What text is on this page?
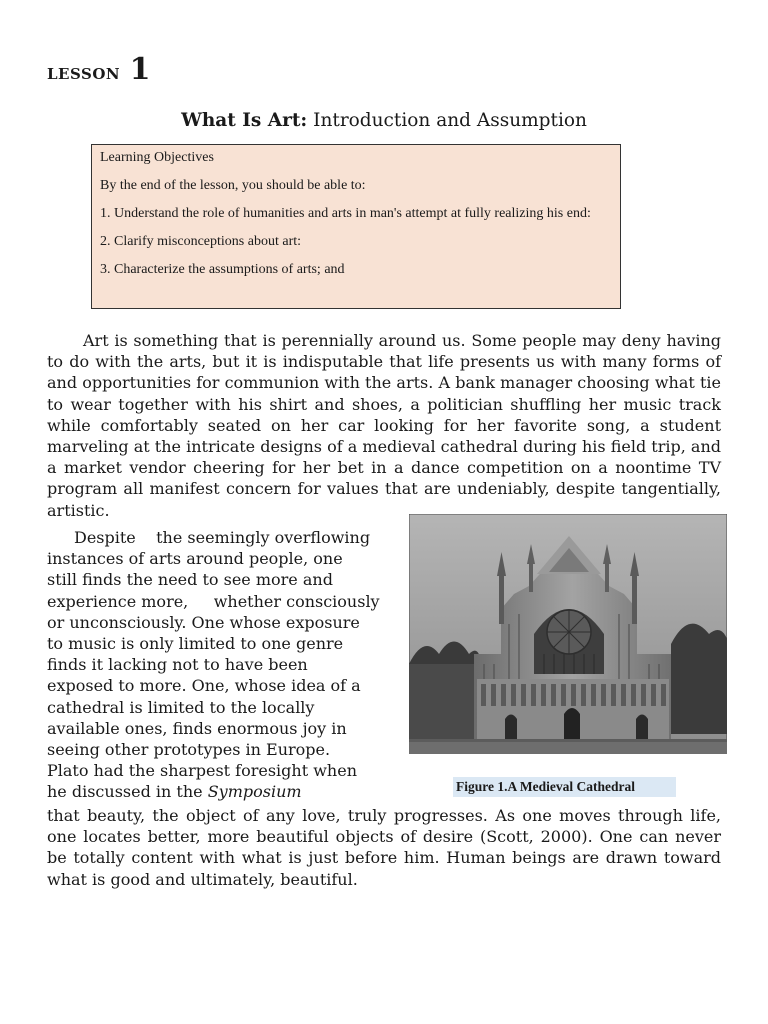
LESSON 1
What Is Art: Introduction and Assumption

Learning Objectives

By the end of the lesson, you should be able to:

1. Understand the role of humanities and arts in man's attempt at fully realizing his end:

2. Clarify misconceptions about art:

3. Characterize the assumptions of arts; and

Art is something that is perennially around us. Some people may deny having to do with the arts, but it is indisputable that life presents us with many forms of and opportunities for communion with the arts. A bank manager choosing what tie to wear together with his shirt and shoes, a politician shuffling her music track while comfortably seated on her car looking for her favorite song, a student marveling at the intricate designs of a medieval cathedral during his field trip, and a market vendor cheering for her bet in a dance competition on a noontime TV program all manifest concern for values that are undeniably, despite tangentially, artistic.

Despite    the seemingly overflowing
instances of arts around people, one
still finds the need to see more and
experience more,     whether consciously
or unconsciously. One whose exposure
to music is only limited to one genre
finds it lacking not to have been
exposed to more. One, whose idea of a
cathedral is limited to the locally
available ones, finds enormous joy in
seeing other prototypes in Europe.
Plato had the sharpest foresight when
he discussed in the Symposium	Figure 1.A Medieval Cathedral

that beauty, the object of any love, truly progresses. As one moves through life, one locates better, more beautiful objects of desire (Scott, 2000). One can never be totally content with what is just before him. Human beings are drawn toward what is good and ultimately, beautiful.
